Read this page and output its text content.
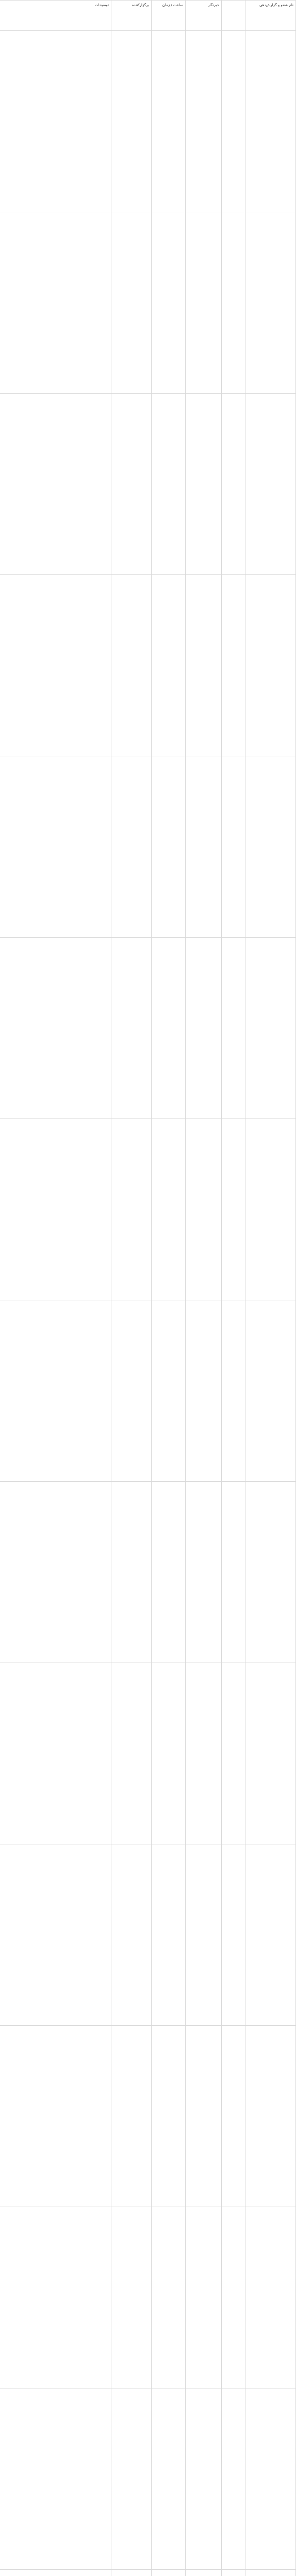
نام عضو و گزارش‌دهی		خبرنگار	ساعت / زمان	برگزارکننده	توضیحات
